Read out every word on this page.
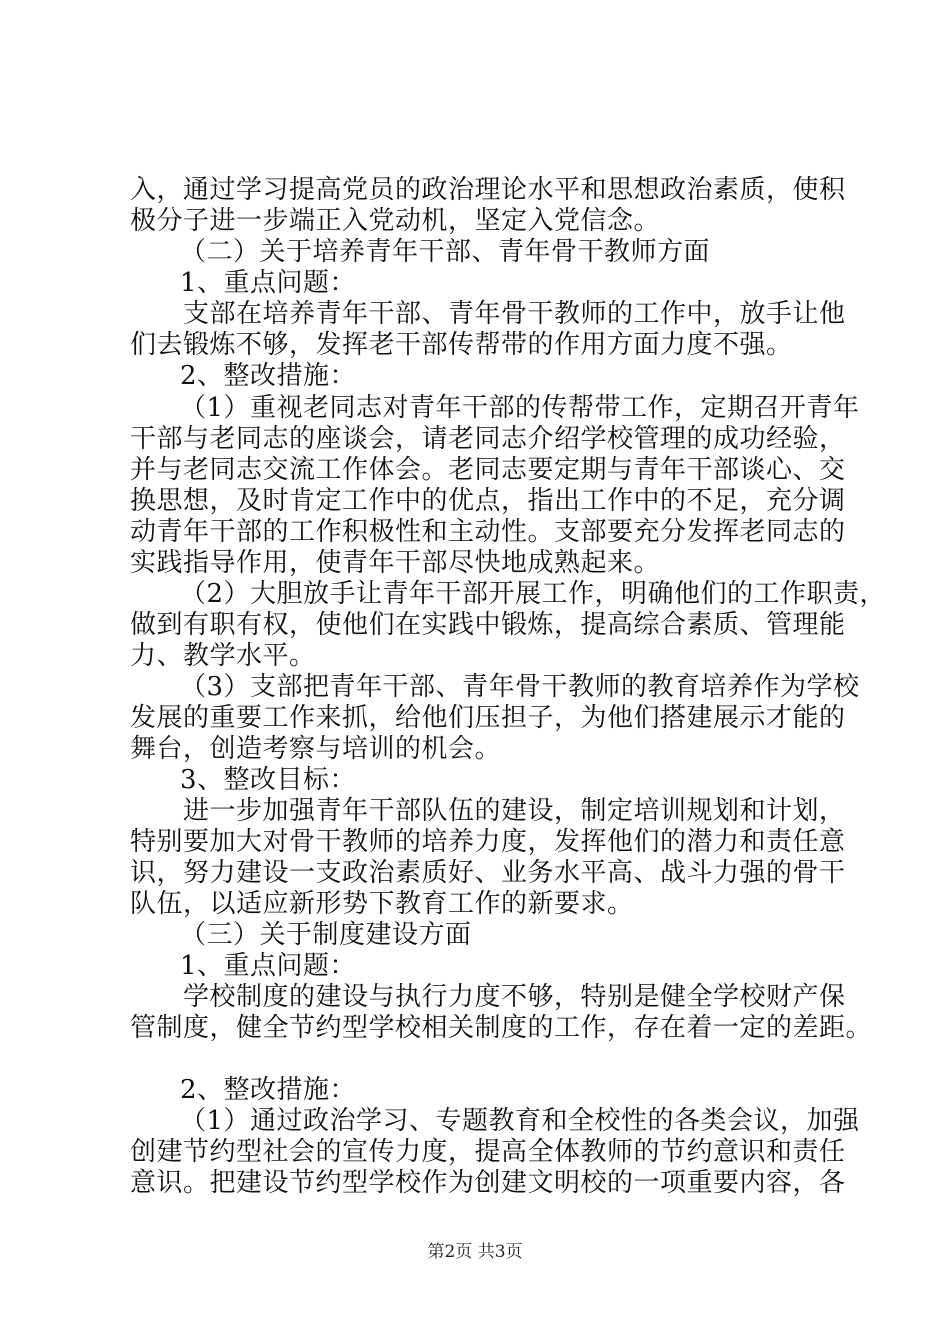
入，通过学习提高党员的政治理论水平和思想政治素质，使积
极分子进一步端正入党动机，坚定入党信念。
（二）关于培养青年干部、青年骨干教师方面
1、重点问题：
支部在培养青年干部、青年骨干教师的工作中，放手让他
们去锻炼不够，发挥老干部传帮带的作用方面力度不强。
2、整改措施：
（1）重视老同志对青年干部的传帮带工作，定期召开青年
干部与老同志的座谈会，请老同志介绍学校管理的成功经验，
并与老同志交流工作体会。老同志要定期与青年干部谈心、交
换思想，及时肯定工作中的优点，指出工作中的不足，充分调
动青年干部的工作积极性和主动性。支部要充分发挥老同志的
实践指导作用，使青年干部尽快地成熟起来。
（2）大胆放手让青年干部开展工作，明确他们的工作职责，
做到有职有权，使他们在实践中锻炼，提高综合素质、管理能
力、教学水平。
（3）支部把青年干部、青年骨干教师的教育培养作为学校
发展的重要工作来抓，给他们压担子，为他们搭建展示才能的
舞台，创造考察与培训的机会。
3、整改目标：
进一步加强青年干部队伍的建设，制定培训规划和计划，
特别要加大对骨干教师的培养力度，发挥他们的潜力和责任意
识，努力建设一支政治素质好、业务水平高、战斗力强的骨干
队伍，以适应新形势下教育工作的新要求。
（三）关于制度建设方面
1、重点问题：
学校制度的建设与执行力度不够，特别是健全学校财产保
管制度，健全节约型学校相关制度的工作，存在着一定的差距。
2、整改措施：
（1）通过政治学习、专题教育和全校性的各类会议，加强
创建节约型社会的宣传力度，提高全体教师的节约意识和责任
意识。把建设节约型学校作为创建文明校的一项重要内容，各
第2页 共3页
